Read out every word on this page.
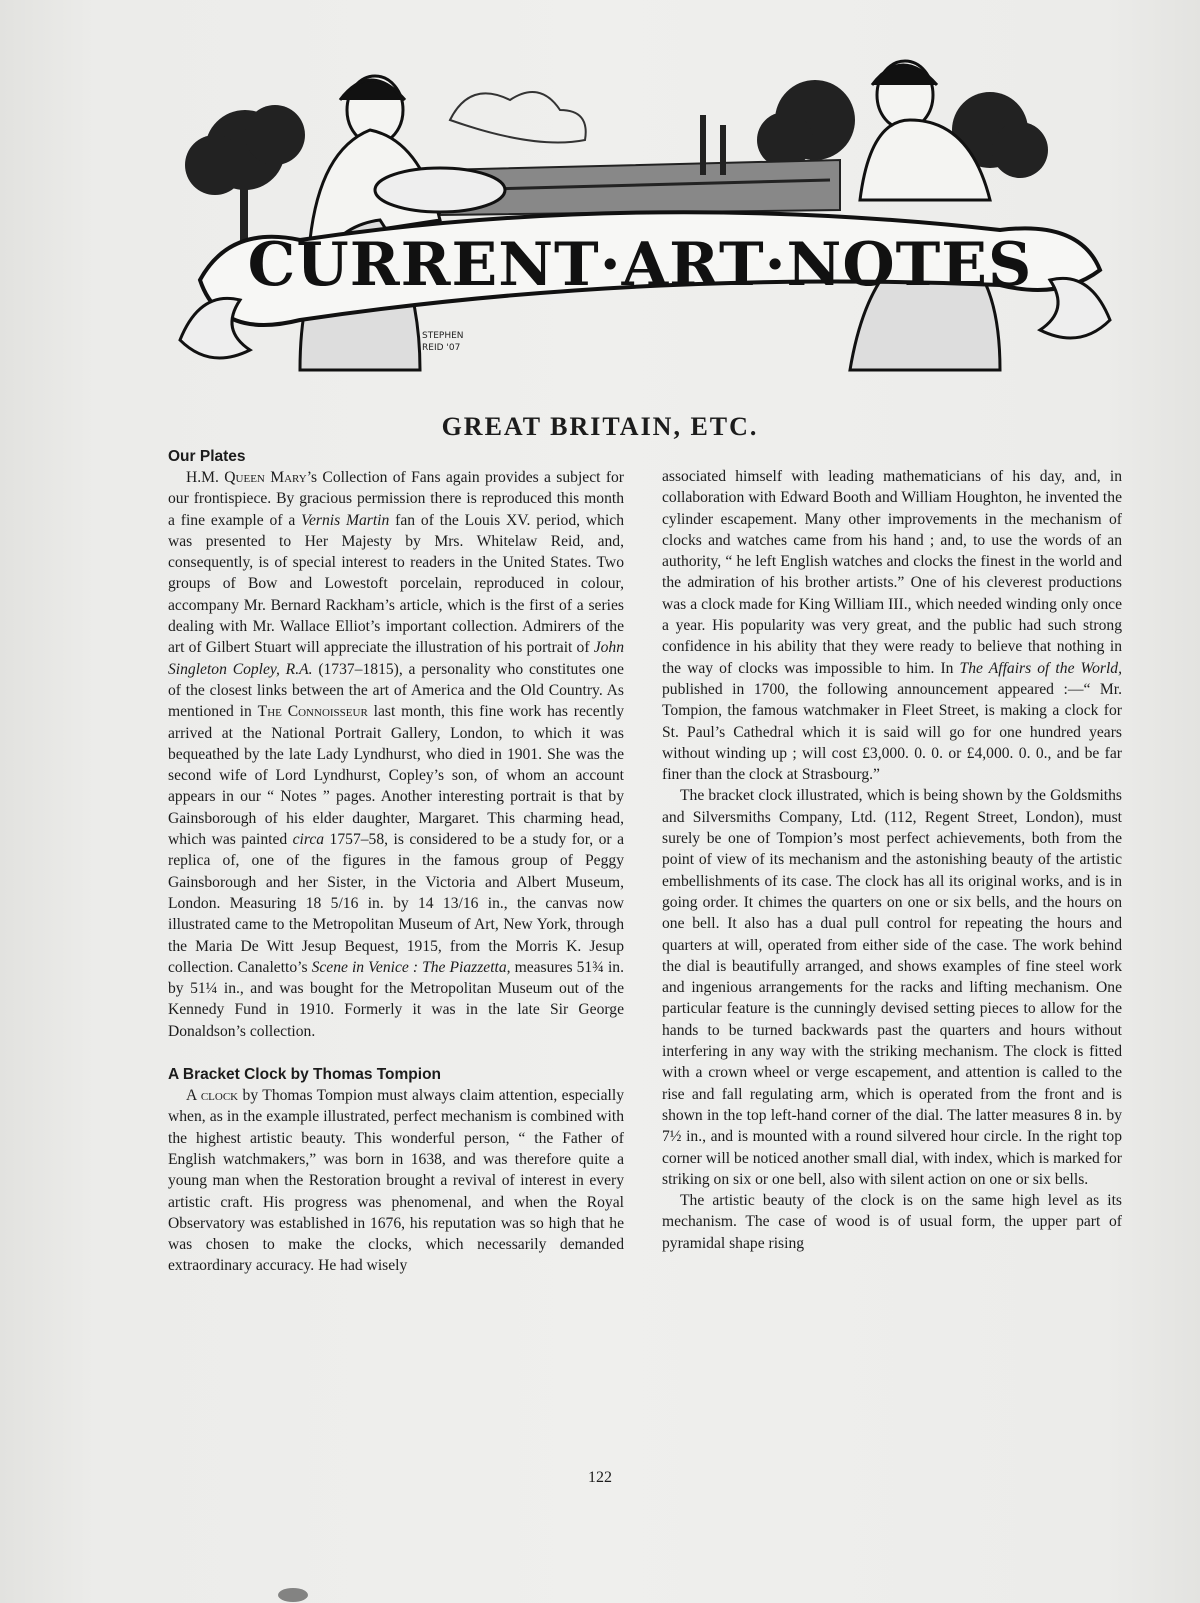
CURRENT·ART·NOTES
STEPHEN
REID '07
GREAT BRITAIN, ETC.
Our Plates

H.M. Queen Mary’s Collection of Fans again provides a subject for our frontispiece. By gracious permission there is reproduced this month a fine example of a Vernis Martin fan of the Louis XV. period, which was presented to Her Majesty by Mrs. Whitelaw Reid, and, consequently, is of special interest to readers in the United States. Two groups of Bow and Lowestoft porcelain, reproduced in colour, accompany Mr. Bernard Rackham’s article, which is the first of a series dealing with Mr. Wallace Elliot’s important collection. Admirers of the art of Gilbert Stuart will appreciate the illustration of his portrait of John Singleton Copley, R.A. (1737–1815), a personality who constitutes one of the closest links between the art of America and the Old Country. As mentioned in The Connoisseur last month, this fine work has recently arrived at the National Portrait Gallery, London, to which it was bequeathed by the late Lady Lyndhurst, who died in 1901. She was the second wife of Lord Lyndhurst, Copley’s son, of whom an account appears in our “ Notes ” pages. Another interesting portrait is that by Gainsborough of his elder daughter, Margaret. This charming head, which was painted circa 1757–58, is considered to be a study for, or a replica of, one of the figures in the famous group of Peggy Gainsborough and her Sister, in the Victoria and Albert Museum, London. Measuring 18 5/16 in. by 14 13/16 in., the canvas now illustrated came to the Metropolitan Museum of Art, New York, through the Maria De Witt Jesup Bequest, 1915, from the Morris K. Jesup collection. Canaletto’s Scene in Venice : The Piazzetta, measures 51¾ in. by 51¼ in., and was bought for the Metropolitan Museum out of the Kennedy Fund in 1910. Formerly it was in the late Sir George Donaldson’s collection.

A Bracket Clock by Thomas Tompion

A clock by Thomas Tompion must always claim attention, especially when, as in the example illustrated, perfect mechanism is combined with the highest artistic beauty. This wonderful person, “ the Father of English watchmakers,” was born in 1638, and was therefore quite a young man when the Restoration brought a revival of interest in every artistic craft. His progress was phenomenal, and when the Royal Observatory was established in 1676, his reputation was so high that he was chosen to make the clocks, which necessarily demanded extraordinary accuracy. He had wisely

associated himself with leading mathematicians of his day, and, in collaboration with Edward Booth and William Houghton, he invented the cylinder escapement. Many other improvements in the mechanism of clocks and watches came from his hand ; and, to use the words of an authority, “ he left English watches and clocks the finest in the world and the admiration of his brother artists.” One of his cleverest productions was a clock made for King William III., which needed winding only once a year. His popularity was very great, and the public had such strong confidence in his ability that they were ready to believe that nothing in the way of clocks was impossible to him. In The Affairs of the World, published in 1700, the following announcement appeared :—“ Mr. Tompion, the famous watchmaker in Fleet Street, is making a clock for St. Paul’s Cathedral which it is said will go for one hundred years without winding up ; will cost £3,000. 0. 0. or £4,000. 0. 0., and be far finer than the clock at Strasbourg.”

The bracket clock illustrated, which is being shown by the Goldsmiths and Silversmiths Company, Ltd. (112, Regent Street, London), must surely be one of Tompion’s most perfect achievements, both from the point of view of its mechanism and the astonishing beauty of the artistic embellishments of its case. The clock has all its original works, and is in going order. It chimes the quarters on one or six bells, and the hours on one bell. It also has a dual pull control for repeating the hours and quarters at will, operated from either side of the case. The work behind the dial is beautifully arranged, and shows examples of fine steel work and ingenious arrangements for the racks and lifting mechanism. One particular feature is the cunningly devised setting pieces to allow for the hands to be turned backwards past the quarters and hours without interfering in any way with the striking mechanism. The clock is fitted with a crown wheel or verge escapement, and attention is called to the rise and fall regulating arm, which is operated from the front and is shown in the top left-hand corner of the dial. The latter measures 8 in. by 7½ in., and is mounted with a round silvered hour circle. In the right top corner will be noticed another small dial, with index, which is marked for striking on six or one bell, also with silent action on one or six bells.

The artistic beauty of the clock is on the same high level as its mechanism. The case of wood is of usual form, the upper part of pyramidal shape rising

122
